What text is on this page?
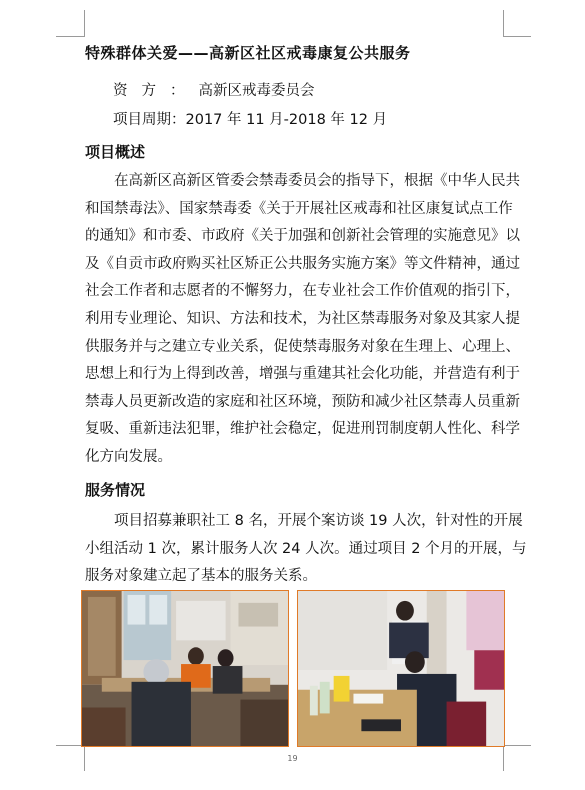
特殊群体关爱——高新区社区戒毒康复公共服务
资方：高新区戒毒委员会
项目周期：2017 年 11 月-2018 年 12 月
项目概述
在高新区高新区管委会禁毒委员会的指导下，根据《中华人民共
和国禁毒法》、国家禁毒委《关于开展社区戒毒和社区康复试点工作
的通知》和市委、市政府《关于加强和创新社会管理的实施意见》以
及《自贡市政府购买社区矫正公共服务实施方案》等文件精神，通过
社会工作者和志愿者的不懈努力，在专业社会工作价值观的指引下，
利用专业理论、知识、方法和技术，为社区禁毒服务对象及其家人提
供服务并与之建立专业关系，促使禁毒服务对象在生理上、心理上、
思想上和行为上得到改善，增强与重建其社会化功能，并营造有利于
禁毒人员更新改造的家庭和社区环境，预防和减少社区禁毒人员重新
复吸、重新违法犯罪，维护社会稳定，促进刑罚制度朝人性化、科学
化方向发展。
服务情况
项目招募兼职社工 8 名，开展个案访谈 19 人次，针对性的开展
小组活动 1 次，累计服务人次 24 人次。通过项目 2 个月的开展，与
服务对象建立起了基本的服务关系。
19
